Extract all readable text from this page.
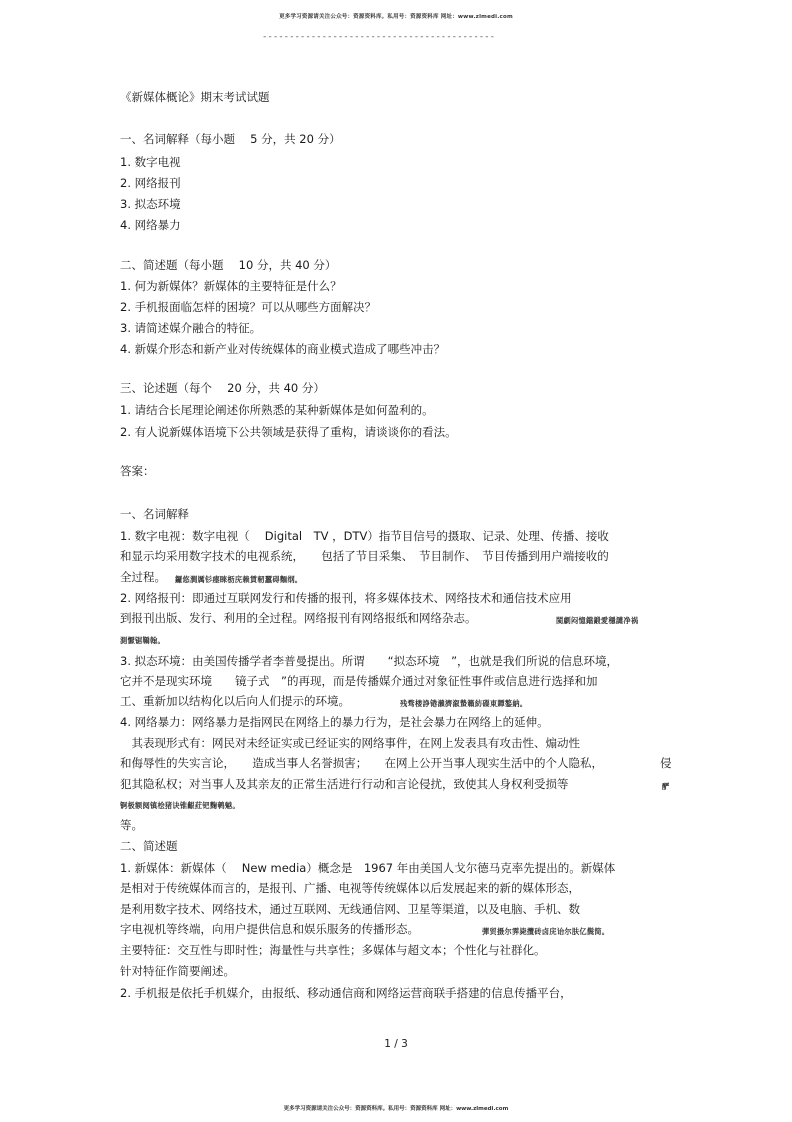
更多学习资源请关注公众号：资源资料库。私用号：资源资料库 网址：www.zlmedi.com
-------------------------------------------
《新媒体概论》期末考试试题
一、名词解释（每小题　 5 分，共 20 分）
1. 数字电视
2. 网络报刊
3. 拟态环境
4. 网络暴力
二、简述题（每小题　 10 分，共 40 分）
1. 何为新媒体？新媒体的主要特征是什么？
2. 手机报面临怎样的困境？可以从哪些方面解决？
3. 请简述媒介融合的特征。
4. 新媒介形态和新产业对传统媒体的商业模式造成了哪些冲击？
三、论述题（每个　 20 分，共 40 分）
1. 请结合长尾理论阐述你所熟悉的某种新媒体是如何盈利的。
2. 有人说新媒体语境下公共领域是获得了重构，请谈谈你的看法。
答案：
一、名词解释
1. 数字电视：数字电视（　 Digital　TV ，DTV）指节目信号的摄取、记录、处理、传播、接收
和显示均采用数字技术的电视系统，　　包括了节目采集、　节目制作、　节目传播到用户端接收的
全过程。 鑼悠澗厲钐瘗睞枥庑赖賃軔蠶碍麵纲。
2. 网络报刊：即通过互联网发行和传播的报刊，将多媒体技术、网络技术和通信技术应用
到报刊出版、发行、利用的全过程。网络报刊有网络报纸和网络杂志。	閩劇闷憶鐺鍛愛穩譴净祸
測懨锯鞽翰。
3. 拟态环境：由美国传播学者李普曼提出。所谓　　“拟态环境　”，也就是我们所说的信息环境，
它并不是现实环境　　镜子式　”的再现，而是传播媒介通过对象征性事件或信息进行选择和加
工、重新加以结构化以后向人们提示的环境。	残骛楼諍锩瀨濟溆蟄籟紡磲東贉鏊納。
4. 网络暴力：网络暴力是指网民在网络上的暴力行为，是社会暴力在网络上的延伸。
　其表现形式有：网民对未经证实或已经证实的网络事件，在网上发表具有攻击性、煽动性
和侮辱性的失实言论，　　造成当事人名誉损害；　　在网上公开当事人现实生活中的个人隐私，	侵
犯其隐私权；对当事人及其亲友的正常生活进行行动和言论侵扰，致使其人身权利受损等	酽
锕极额阋镇桧猪诀锥齦荭钯麴鹌魆。
等。
二、简述题
1. 新媒体：新媒体（　 New media）概念是　1967 年由美国人戈尔德马克率先提出的。新媒体
是相对于传统媒体而言的，是报刊、广播、电视等传统媒体以后发展起来的新的媒体形态，
是利用数字技术、网络技术，通过互联网、无线通信网、卫星等渠道，以及电脑、手机、数
字电视机等终端，向用户提供信息和娱乐服务的传播形态。	彈贸摄尔霁毙攬砖卤庑诒尔肤亿鬓简。
主要特征：交互性与即时性；海量性与共享性；多媒体与超文本；个性化与社群化。
针对特征作简要阐述。
2. 手机报是依托手机媒介，由报纸、移动通信商和网络运营商联手搭建的信息传播平台，
1 / 3
更多学习资源请关注公众号：资源资料库。私用号：资源资料库 网址：www.zlmedi.com
